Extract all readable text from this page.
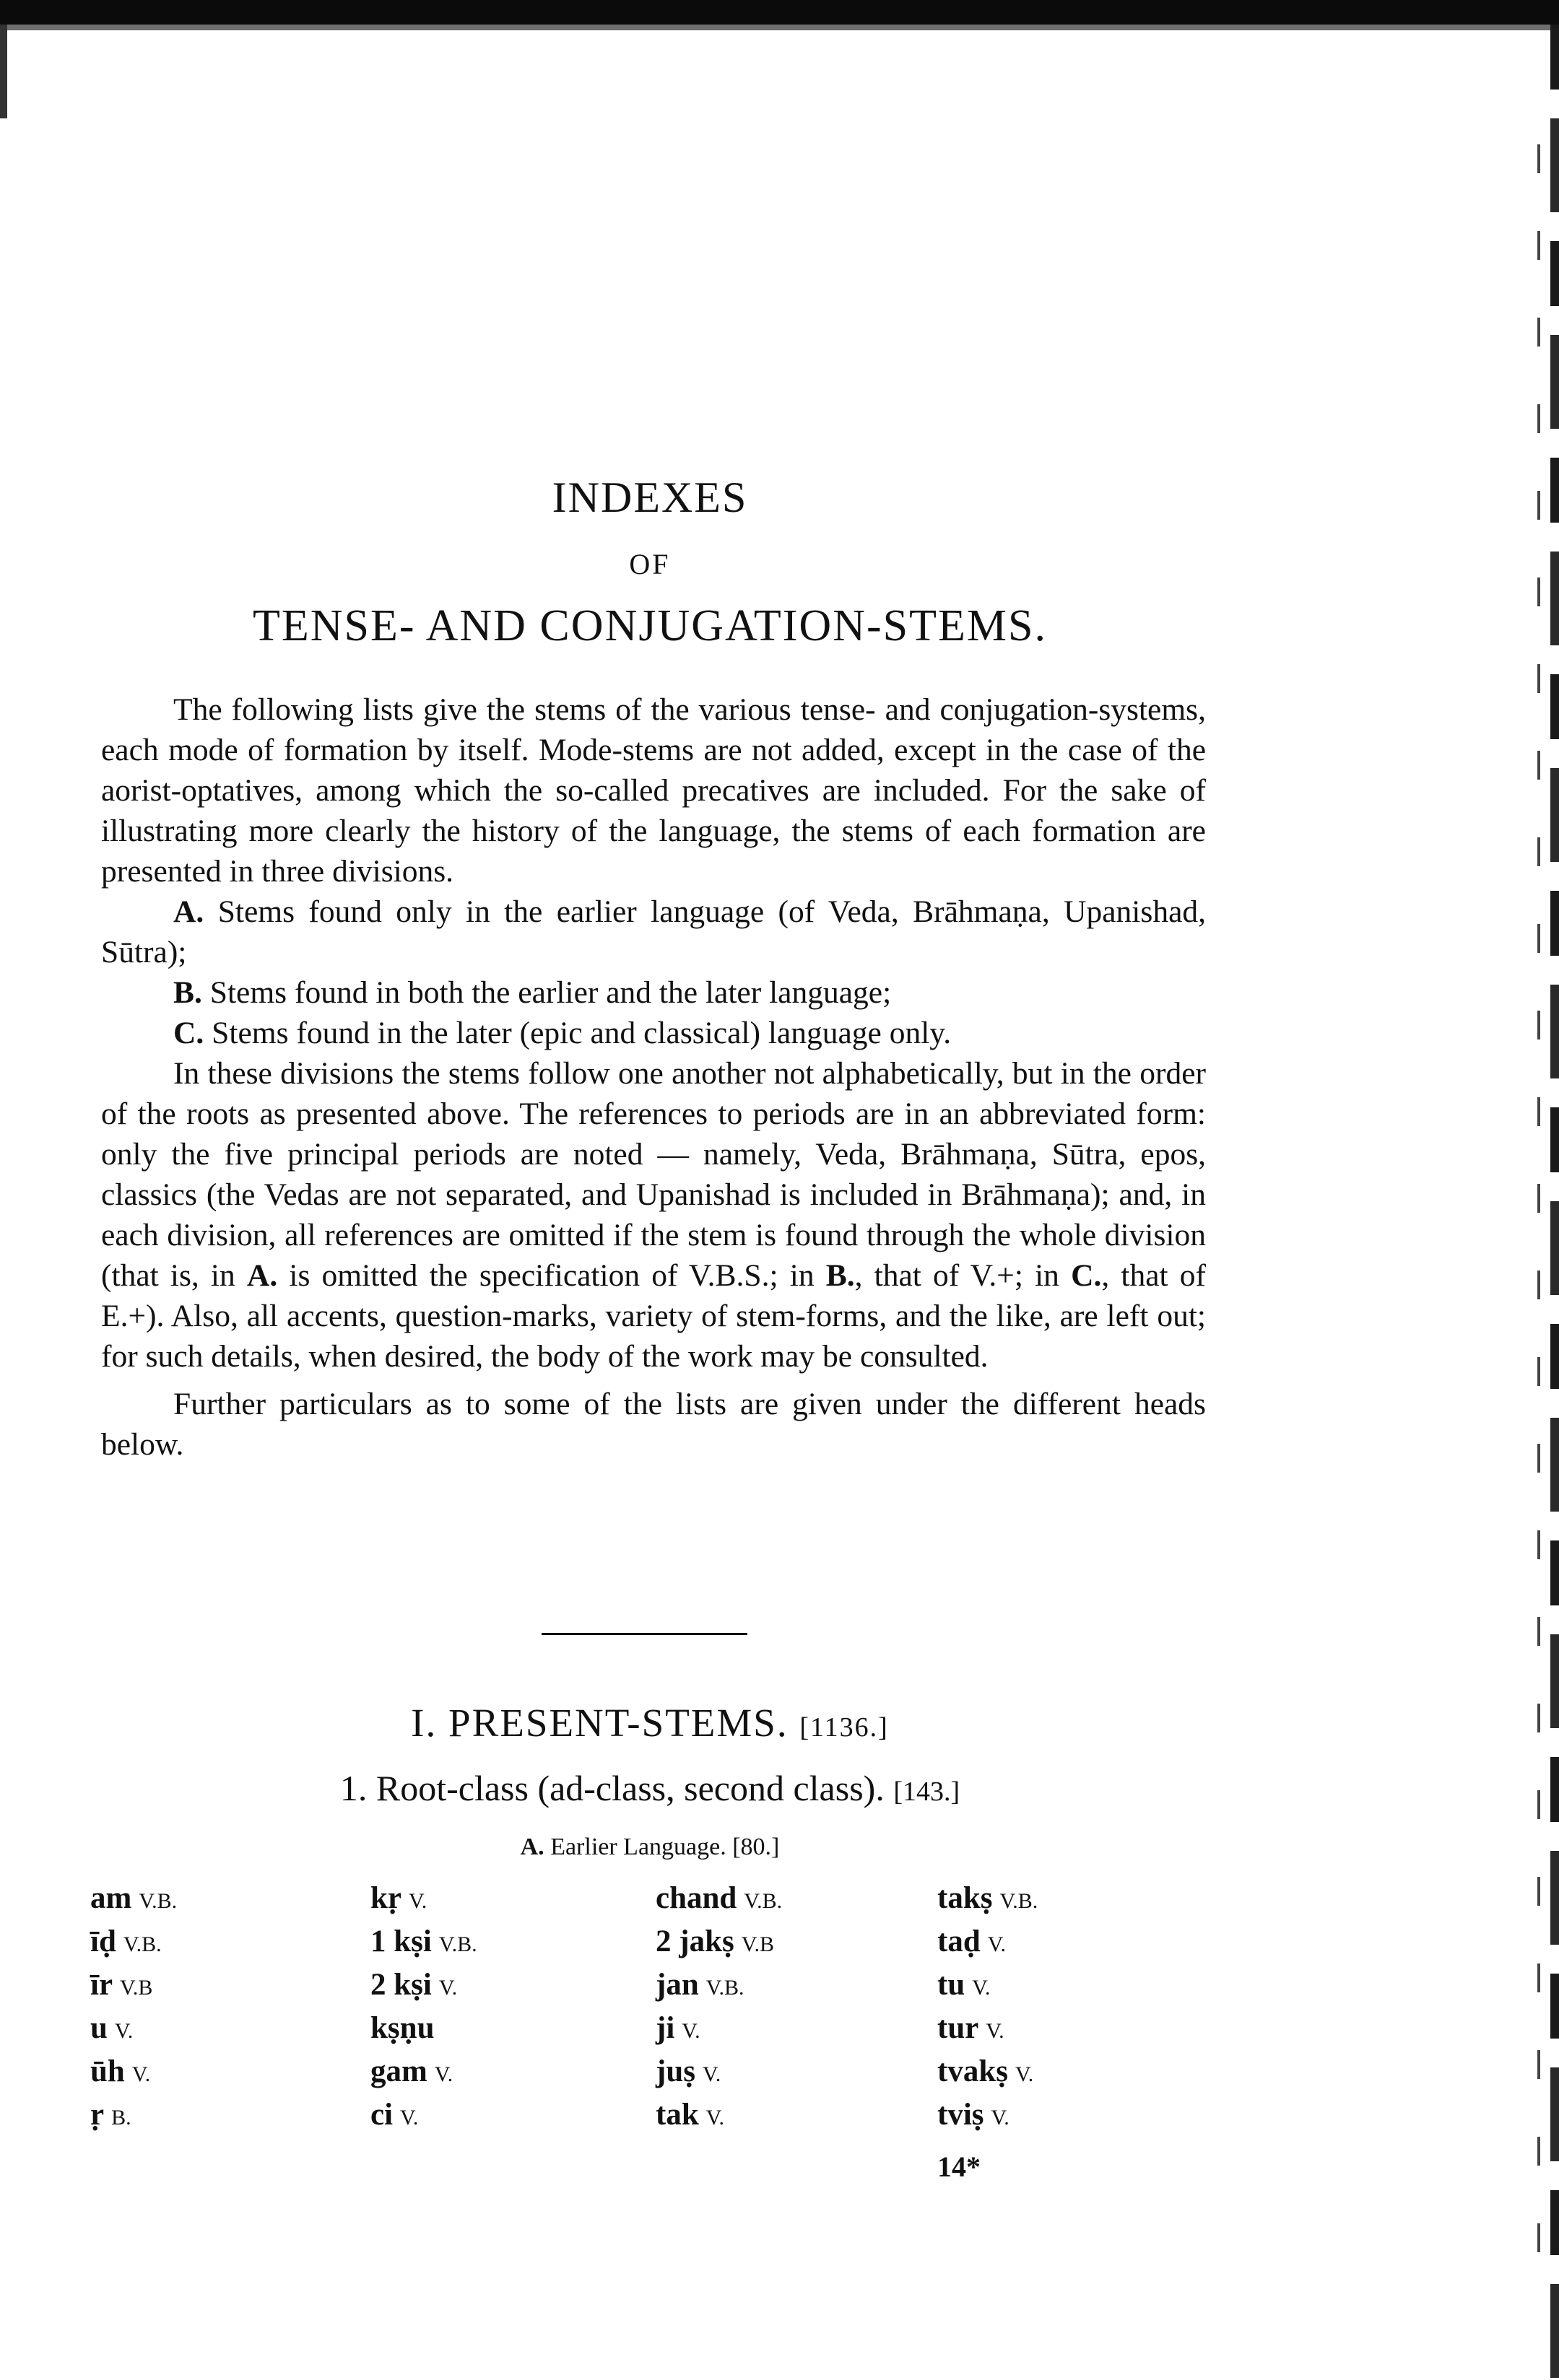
INDEXES
OF
TENSE- AND CONJUGATION-STEMS.

The following lists give the stems of the various tense- and conjugation-systems, each mode of formation by itself. Mode-stems are not added, except in the case of the aorist-optatives, among which the so-called precatives are included. For the sake of illustrating more clearly the history of the language, the stems of each formation are presented in three divisions.

A. Stems found only in the earlier language (of Veda, Brāhmaṇa, Upanishad, Sūtra);

B. Stems found in both the earlier and the later language;

C. Stems found in the later (epic and classical) language only.

In these divisions the stems follow one another not alphabetically, but in the order of the roots as presented above. The references to periods are in an abbreviated form: only the five principal periods are noted — namely, Veda, Brāhmaṇa, Sūtra, epos, classics (the Vedas are not separated, and Upanishad is included in Brāhmaṇa); and, in each division, all references are omitted if the stem is found through the whole division (that is, in A. is omitted the specification of V.B.S.; in B., that of V.+; in C., that of E.+). Also, all accents, question-marks, variety of stem-forms, and the like, are left out; for such details, when desired, the body of the work may be consulted.

Further particulars as to some of the lists are given under the different heads below.

I. PRESENT-STEMS. [1136.]
1. Root-class (ad-class, second class). [143.]
A. Earlier Language. [80.]
am V.B.
īḍ V.B.
īr V.B
u V.
ūh V.
ṛ B.
kṛ V.
1 kṣi V.B.
2 kṣi V.
kṣṇu
gam V.
ci V.
chand V.B.
2 jakṣ V.B
jan V.B.
ji V.
juṣ V.
tak V.
takṣ V.B.
taḍ V.
tu V.
tur V.
tvakṣ V.
tviṣ V.
14*
